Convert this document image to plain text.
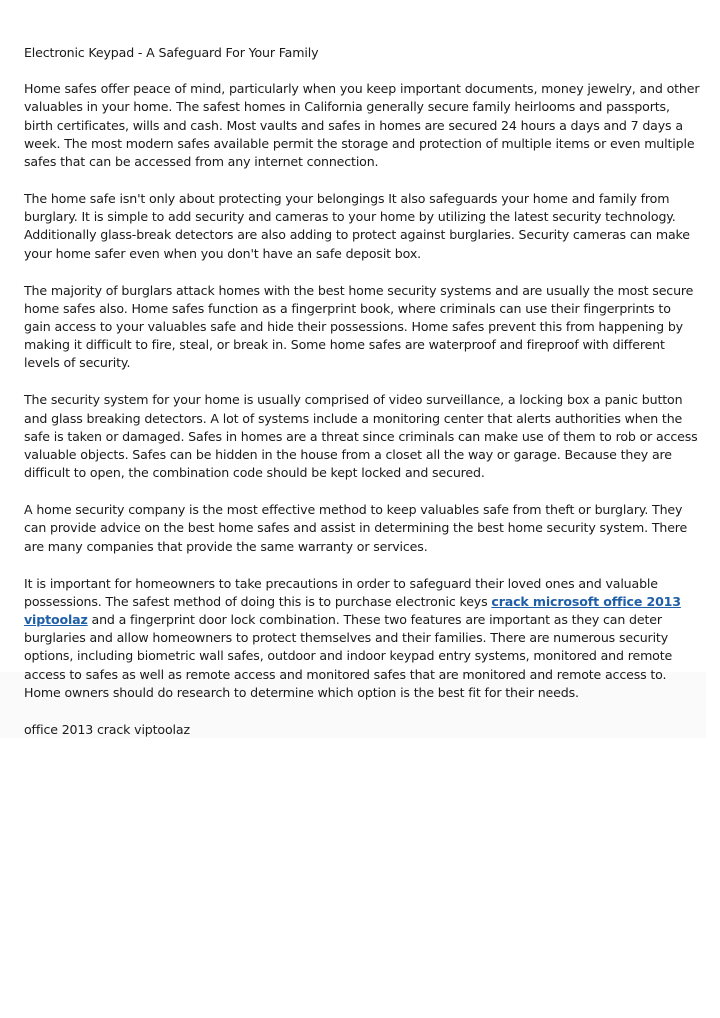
Electronic Keypad - A Safeguard For Your Family

Home safes offer peace of mind, particularly when you keep important documents, money jewelry, and other valuables in your home. The safest homes in California generally secure family heirlooms and passports, birth certificates, wills and cash. Most vaults and safes in homes are secured 24 hours a days and 7 days a week. The most modern safes available permit the storage and protection of multiple items or even multiple safes that can be accessed from any internet connection.

The home safe isn't only about protecting your belongings It also safeguards your home and family from burglary. It is simple to add security and cameras to your home by utilizing the latest security technology. Additionally glass-break detectors are also adding to protect against burglaries. Security cameras can make your home safer even when you don't have an safe deposit box.

The majority of burglars attack homes with the best home security systems and are usually the most secure home safes also. Home safes function as a fingerprint book, where criminals can use their fingerprints to gain access to your valuables safe and hide their possessions. Home safes prevent this from happening by making it difficult to fire, steal, or break in. Some home safes are waterproof and fireproof with different levels of security.

The security system for your home is usually comprised of video surveillance, a locking box a panic button and glass breaking detectors. A lot of systems include a monitoring center that alerts authorities when the safe is taken or damaged. Safes in homes are a threat since criminals can make use of them to rob or access valuable objects. Safes can be hidden in the house from a closet all the way or garage. Because they are difficult to open, the combination code should be kept locked and secured.

A home security company is the most effective method to keep valuables safe from theft or burglary. They can provide advice on the best home safes and assist in determining the best home security system. There are many companies that provide the same warranty or services.

It is important for homeowners to take precautions in order to safeguard their loved ones and valuable possessions. The safest method of doing this is to purchase electronic keys crack microsoft office 2013 viptoolaz and a fingerprint door lock combination. These two features are important as they can deter burglaries and allow homeowners to protect themselves and their families. There are numerous security options, including biometric wall safes, outdoor and indoor keypad entry systems, monitored and remote access to safes as well as remote access and monitored safes that are monitored and remote access to. Home owners should do research to determine which option is the best fit for their needs.

office 2013 crack viptoolaz
